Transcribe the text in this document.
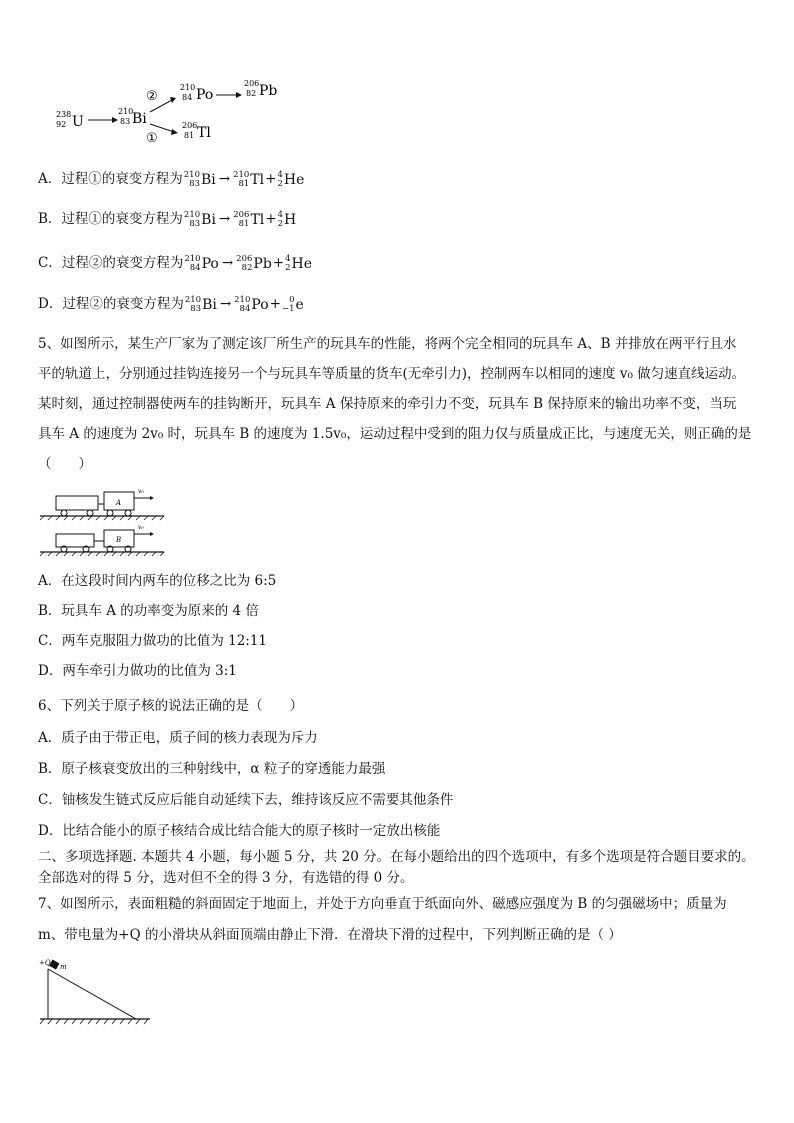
238
92 U
210
83 Bi
②
①
210
84 Po
206
82 Pb
206
81 Tl
A．过程①的衰变方程为 210
83 Bi → 210
81 Tl + 4
2 He
B．过程①的衰变方程为 210
83 Bi → 206
81 Tl + 4
2 H
C．过程②的衰变方程为 210
84 Po → 206
82 Pb + 4
2 He
D．过程②的衰变方程为 210
83 Bi → 210
84 Po + 0
−1 e
5、如图所示，某生产厂家为了测定该厂所生产的玩具车的性能，将两个完全相同的玩具车 A、B 并排放在两平行且水
平的轨道上，分别通过挂钩连接另一个与玩具车等质量的货车(无牵引力)，控制两车以相同的速度 v₀ 做匀速直线运动。
某时刻，通过控制器使两车的挂钩断开，玩具车 A 保持原来的牵引力不变，玩具车 B 保持原来的输出功率不变，当玩
具车 A 的速度为 2v₀ 时，玩具车 B 的速度为 1.5v₀，运动过程中受到的阻力仅与质量成正比，与速度无关，则正确的是
（　　）
A
v₀
B
v₀
A．在这段时间内两车的位移之比为 6:5
B．玩具车 A 的功率变为原来的 4 倍
C．两车克服阻力做功的比值为 12:11
D．两车牵引力做功的比值为 3:1
6、下列关于原子核的说法正确的是（　　）
A．质子由于带正电，质子间的核力表现为斥力
B．原子核衰变放出的三种射线中，α 粒子的穿透能力最强
C．铀核发生链式反应后能自动延续下去，维持该反应不需要其他条件
D．比结合能小的原子核结合成比结合能大的原子核时一定放出核能
二、多项选择题. 本题共 4 小题，每小题 5 分，共 20 分。在每小题给出的四个选项中，有多个选项是符合题目要求的。
全部选对的得 5 分，选对但不全的得 3 分，有选错的得 0 分。
7、如图所示，表面粗糙的斜面固定于地面上，并处于方向垂直于纸面向外、磁感应强度为 B 的匀强磁场中；质量为
m、带电量为+Q 的小滑块从斜面顶端由静止下滑．在滑块下滑的过程中，下列判断正确的是（ ）
+Q m
